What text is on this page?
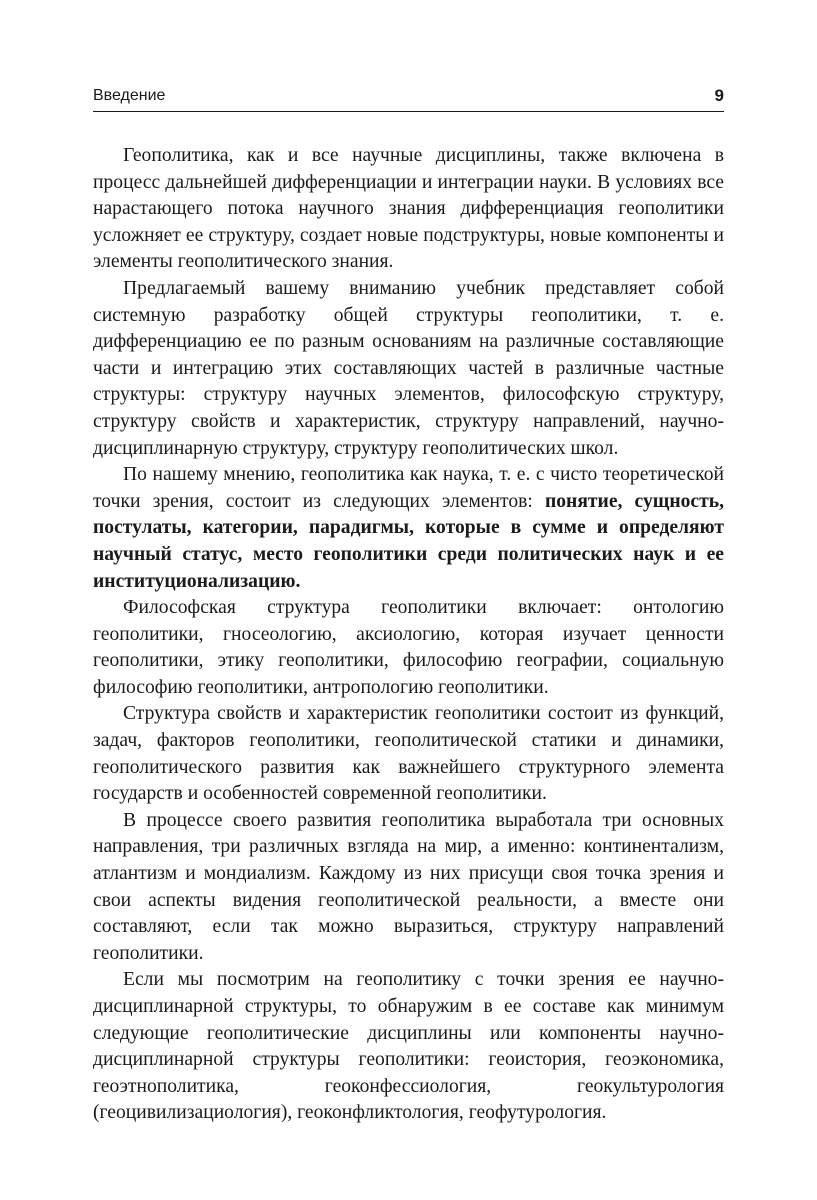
Введение	9

Геополитика, как и все научные дисциплины, также включена в процесс дальнейшей дифференциации и интеграции науки. В условиях все нарастающего потока научного знания дифференциация геополитики усложняет ее структуру, создает новые подструктуры, новые компоненты и элементы геополитического знания.

Предлагаемый вашему вниманию учебник представляет собой системную разработку общей структуры геополитики, т. е. дифференциацию ее по разным основаниям на различные составляющие части и интеграцию этих составляющих частей в различные частные структуры: структуру научных элементов, философскую структуру, структуру свойств и характеристик, структуру направлений, научно-дисциплинарную структуру, структуру геополитических школ.

По нашему мнению, геополитика как наука, т. е. с чисто теоретической точки зрения, состоит из следующих элементов: понятие, сущность, постулаты, категории, парадигмы, которые в сумме и определяют научный статус, место геополитики среди политических наук и ее институционализацию.

Философская структура геополитики включает: онтологию геополитики, гносеологию, аксиологию, которая изучает ценности геополитики, этику геополитики, философию географии, социальную философию геополитики, антропологию геополитики.

Структура свойств и характеристик геополитики состоит из функций, задач, факторов геополитики, геополитической статики и динамики, геополитического развития как важнейшего структурного элемента государств и особенностей современной геополитики.

В процессе своего развития геополитика выработала три основных направления, три различных взгляда на мир, а именно: континентализм, атлантизм и мондиализм. Каждому из них присущи своя точка зрения и свои аспекты видения геополитической реальности, а вместе они составляют, если так можно выразиться, структуру направлений геополитики.

Если мы посмотрим на геополитику с точки зрения ее научно-дисциплинарной структуры, то обнаружим в ее составе как минимум следующие геополитические дисциплины или компоненты научно-дисциплинарной структуры геополитики: геоистория, геоэкономика, геоэтнополитика, геоконфессиология, геокультурология (геоцивилизациология), геоконфликтология, геофутурология.
